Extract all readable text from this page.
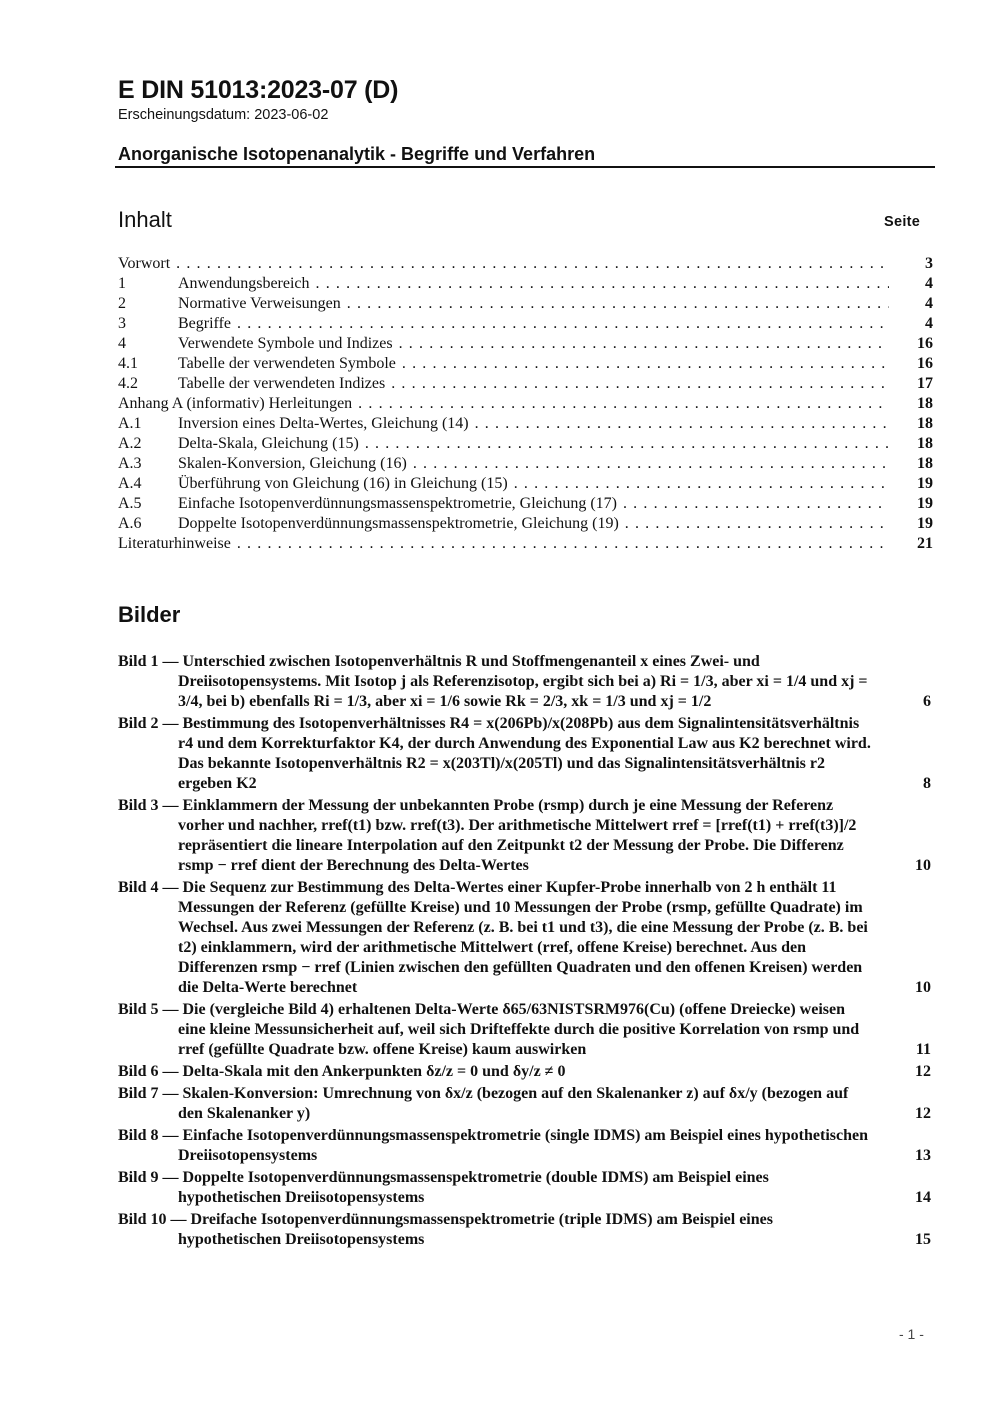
E DIN 51013:2023-07 (D)
Erscheinungsdatum: 2023-06-02
Anorganische Isotopenanalytik - Begriffe und Verfahren
Inhalt	Seite
Vorwort . . .	3
1	Anwendungsbereich . . .	4
2	Normative Verweisungen . . .	4
3	Begriffe . . .	4
4	Verwendete Symbole und Indizes . . .	16
4.1	Tabelle der verwendeten Symbole . . .	16
4.2	Tabelle der verwendeten Indizes . . .	17
Anhang A (informativ) Herleitungen . . .	18
A.1	Inversion eines Delta-Wertes, Gleichung (14) . . .	18
A.2	Delta-Skala, Gleichung (15) . . .	18
A.3	Skalen-Konversion, Gleichung (16) . . .	18
A.4	Überführung von Gleichung (16) in Gleichung (15) . . .	19
A.5	Einfache Isotopenverdünnungsmassenspektrometrie, Gleichung (17) . . .	19
A.6	Doppelte Isotopenverdünnungsmassenspektrometrie, Gleichung (19) . . .	19
Literaturhinweise . . .	21
Bilder
Bild 1 — Unterschied zwischen Isotopenverhältnis R und Stoffmengenanteil x eines Zwei- und Dreiisotopensystems. Mit Isotop j als Referenzisotop, ergibt sich bei a) Ri = 1/3, aber xi = 1/4 und xj = 3/4, bei b) ebenfalls Ri = 1/3, aber xi = 1/6 sowie Rk = 2/3, xk = 1/3 und xj = 1/2	6
Bild 2 — Bestimmung des Isotopenverhältnisses R4 = x(206Pb)/x(208Pb) aus dem Signalintensitätsverhältnis r4 und dem Korrekturfaktor K4, der durch Anwendung des Exponential Law aus K2 berechnet wird. Das bekannte Isotopenverhältnis R2 = x(203Tl)/x(205Tl) und das Signalintensitätsverhältnis r2 ergeben K2	8
Bild 3 — Einklammern der Messung der unbekannten Probe (rsmp) durch je eine Messung der Referenz vorher und nachher, rref(t1) bzw. rref(t3). Der arithmetische Mittelwert rref = [rref(t1) + rref(t3)]/2 repräsentiert die lineare Interpolation auf den Zeitpunkt t2 der Messung der Probe. Die Differenz rsmp − rref dient der Berechnung des Delta-Wertes	10
Bild 4 — Die Sequenz zur Bestimmung des Delta-Wertes einer Kupfer-Probe innerhalb von 2 h enthält 11 Messungen der Referenz (gefüllte Kreise) und 10 Messungen der Probe (rsmp, gefüllte Quadrate) im Wechsel. Aus zwei Messungen der Referenz (z. B. bei t1 und t3), die eine Messung der Probe (z. B. bei t2) einklammern, wird der arithmetische Mittelwert (rref, offene Kreise) berechnet. Aus den Differenzen rsmp − rref (Linien zwischen den gefüllten Quadraten und den offenen Kreisen) werden die Delta-Werte berechnet	10
Bild 5 — Die (vergleiche Bild 4) erhaltenen Delta-Werte δ65/63NISTSRM976(Cu) (offene Dreiecke) weisen eine kleine Messunsicherheit auf, weil sich Drifteffekte durch die positive Korrelation von rsmp und rref (gefüllte Quadrate bzw. offene Kreise) kaum auswirken	11
Bild 6 — Delta-Skala mit den Ankerpunkten δz/z = 0 und δy/z ≠ 0	12
Bild 7 — Skalen-Konversion: Umrechnung von δx/z (bezogen auf den Skalenanker z) auf δx/y (bezogen auf den Skalenanker y)	12
Bild 8 — Einfache Isotopenverdünnungsmassenspektrometrie (single IDMS) am Beispiel eines hypothetischen Dreiisotopensystems	13
Bild 9 — Doppelte Isotopenverdünnungsmassenspektrometrie (double IDMS) am Beispiel eines hypothetischen Dreiisotopensystems	14
Bild 10 — Dreifache Isotopenverdünnungsmassenspektrometrie (triple IDMS) am Beispiel eines hypothetischen Dreiisotopensystems	15
- 1 -
